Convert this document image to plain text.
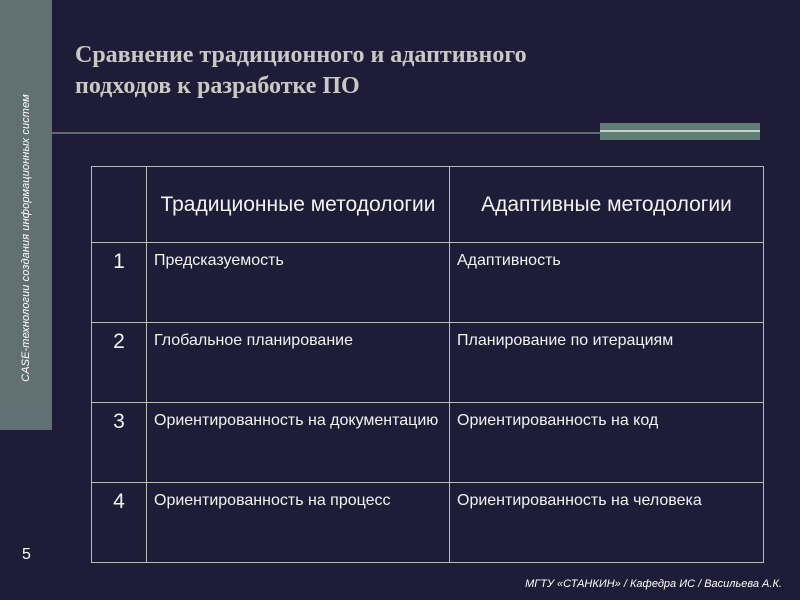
CASE-технологии создания информационных систем
Сравнение традиционного и адаптивного
подходов к разработке ПО
	Традиционные методологии	Адаптивные методологии
1	Предсказуемость	Адаптивность
2	Глобальное планирование	Планирование по итерациям
3	Ориентированность на документацию	Ориентированность на код
4	Ориентированность на процесс	Ориентированность на человека
5
МГТУ «СТАНКИН» / Кафедра ИС / Васильева А.К.
